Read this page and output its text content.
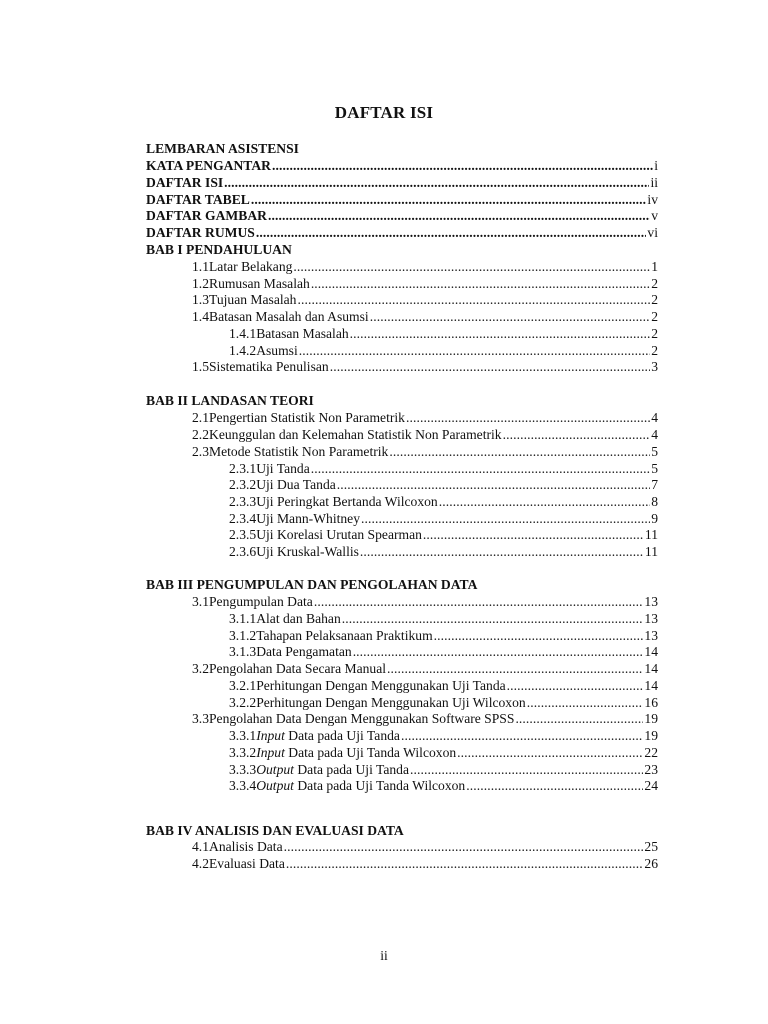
DAFTAR ISI
LEMBARAN ASISTENSI
KATA PENGANTAR .....	i
DAFTAR ISI .....	ii
DAFTAR TABEL .....	iv
DAFTAR GAMBAR .....	v
DAFTAR RUMUS .....	vi
BAB I PENDAHULUAN
1.1 Latar Belakang .....	1
1.2 Rumusan Masalah .....	2
1.3 Tujuan Masalah .....	2
1.4 Batasan Masalah dan Asumsi .....	2
1.4.1 Batasan Masalah .....	2
1.4.2 Asumsi .....	2
1.5 Sistematika Penulisan .....	3
BAB II LANDASAN TEORI
2.1 Pengertian Statistik Non Parametrik .....	4
2.2 Keunggulan dan Kelemahan Statistik Non Parametrik .....	4
2.3 Metode Statistik Non Parametrik .....	5
2.3.1 Uji Tanda .....	5
2.3.2 Uji Dua Tanda .....	7
2.3.3 Uji Peringkat Bertanda Wilcoxon .....	8
2.3.4 Uji Mann-Whitney .....	9
2.3.5 Uji Korelasi Urutan Spearman .....	11
2.3.6 Uji Kruskal-Wallis .....	11
BAB III PENGUMPULAN DAN PENGOLAHAN DATA
3.1 Pengumpulan Data .....	13
3.1.1 Alat dan Bahan .....	13
3.1.2 Tahapan Pelaksanaan Praktikum .....	13
3.1.3 Data Pengamatan .....	14
3.2 Pengolahan Data Secara Manual .....	14
3.2.1 Perhitungan Dengan Menggunakan Uji Tanda .....	14
3.2.2 Perhitungan Dengan Menggunakan Uji Wilcoxon .....	16
3.3 Pengolahan Data Dengan Menggunakan Software SPSS .....	19
3.3.1 Input Data pada Uji Tanda .....	19
3.3.2 Input Data pada Uji Tanda Wilcoxon .....	22
3.3.3 Output Data pada Uji Tanda .....	23
3.3.4 Output Data pada Uji Tanda Wilcoxon .....	24
BAB IV ANALISIS DAN EVALUASI DATA
4.1 Analisis Data .....	25
4.2 Evaluasi Data .....	26
ii
